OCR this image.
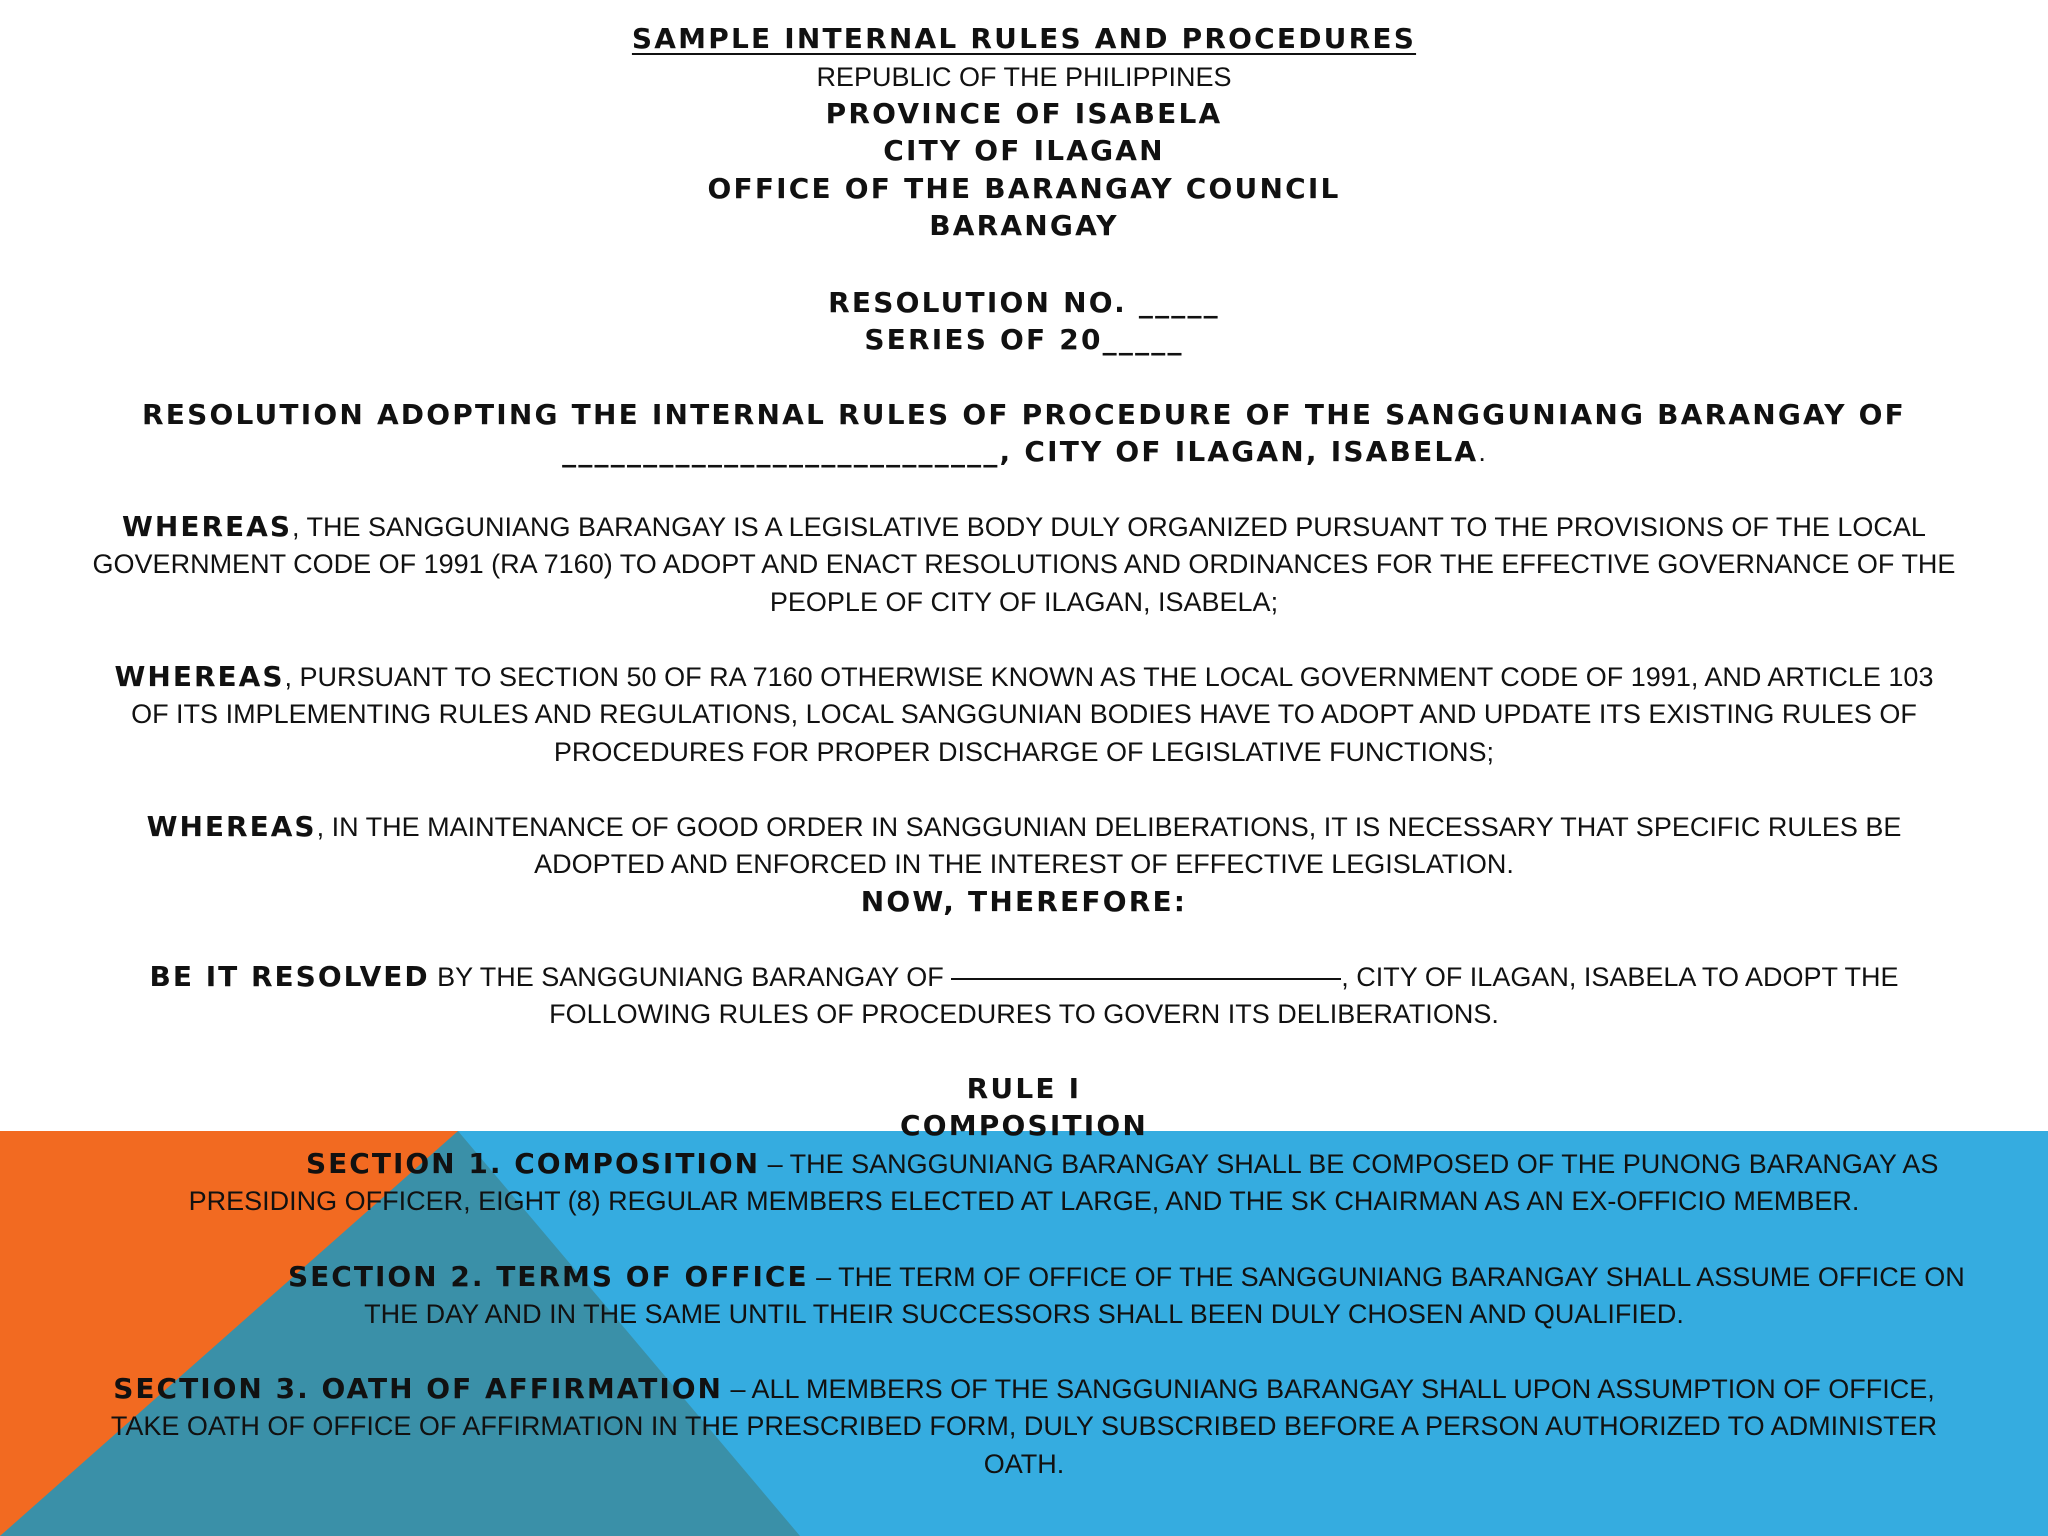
SAMPLE INTERNAL RULES AND PROCEDURES
REPUBLIC OF THE PHILIPPINES
PROVINCE OF ISABELA
CITY OF ILAGAN
OFFICE OF THE BARANGAY COUNCIL
BARANGAY
RESOLUTION NO. _____
SERIES OF 20_____
RESOLUTION ADOPTING THE INTERNAL RULES OF PROCEDURE OF THE SANGGUNIANG BARANGAY OF
___________________________, CITY OF ILAGAN, ISABELA.
WHEREAS, THE SANGGUNIANG BARANGAY IS A LEGISLATIVE BODY DULY ORGANIZED PURSUANT TO THE PROVISIONS OF THE LOCAL
GOVERNMENT CODE OF 1991 (RA 7160) TO ADOPT AND ENACT RESOLUTIONS AND ORDINANCES FOR THE EFFECTIVE GOVERNANCE OF THE
PEOPLE OF CITY OF ILAGAN, ISABELA;
WHEREAS, PURSUANT TO SECTION 50 OF RA 7160 OTHERWISE KNOWN AS THE LOCAL GOVERNMENT CODE OF 1991, AND ARTICLE 103
OF ITS IMPLEMENTING RULES AND REGULATIONS, LOCAL SANGGUNIAN BODIES HAVE TO ADOPT AND UPDATE ITS EXISTING RULES OF
PROCEDURES FOR PROPER DISCHARGE OF LEGISLATIVE FUNCTIONS;
WHEREAS, IN THE MAINTENANCE OF GOOD ORDER IN SANGGUNIAN DELIBERATIONS, IT IS NECESSARY THAT SPECIFIC RULES BE
ADOPTED AND ENFORCED IN THE INTEREST OF EFFECTIVE LEGISLATION.
NOW, THEREFORE:
BE IT RESOLVED BY THE SANGGUNIANG BARANGAY OF	, CITY OF ILAGAN, ISABELA TO ADOPT THE
FOLLOWING RULES OF PROCEDURES TO GOVERN ITS DELIBERATIONS.
RULE I
COMPOSITION
SECTION 1. COMPOSITION – THE SANGGUNIANG BARANGAY SHALL BE COMPOSED OF THE PUNONG BARANGAY AS
PRESIDING OFFICER, EIGHT (8) REGULAR MEMBERS ELECTED AT LARGE, AND THE SK CHAIRMAN AS AN EX-OFFICIO MEMBER.
SECTION 2. TERMS OF OFFICE – THE TERM OF OFFICE OF THE SANGGUNIANG BARANGAY SHALL ASSUME OFFICE ON
THE DAY AND IN THE SAME UNTIL THEIR SUCCESSORS SHALL BEEN DULY CHOSEN AND QUALIFIED.
SECTION 3. OATH OF AFFIRMATION – ALL MEMBERS OF THE SANGGUNIANG BARANGAY SHALL UPON ASSUMPTION OF OFFICE,
TAKE OATH OF OFFICE OF AFFIRMATION IN THE PRESCRIBED FORM, DULY SUBSCRIBED BEFORE A PERSON AUTHORIZED TO ADMINISTER
OATH.
